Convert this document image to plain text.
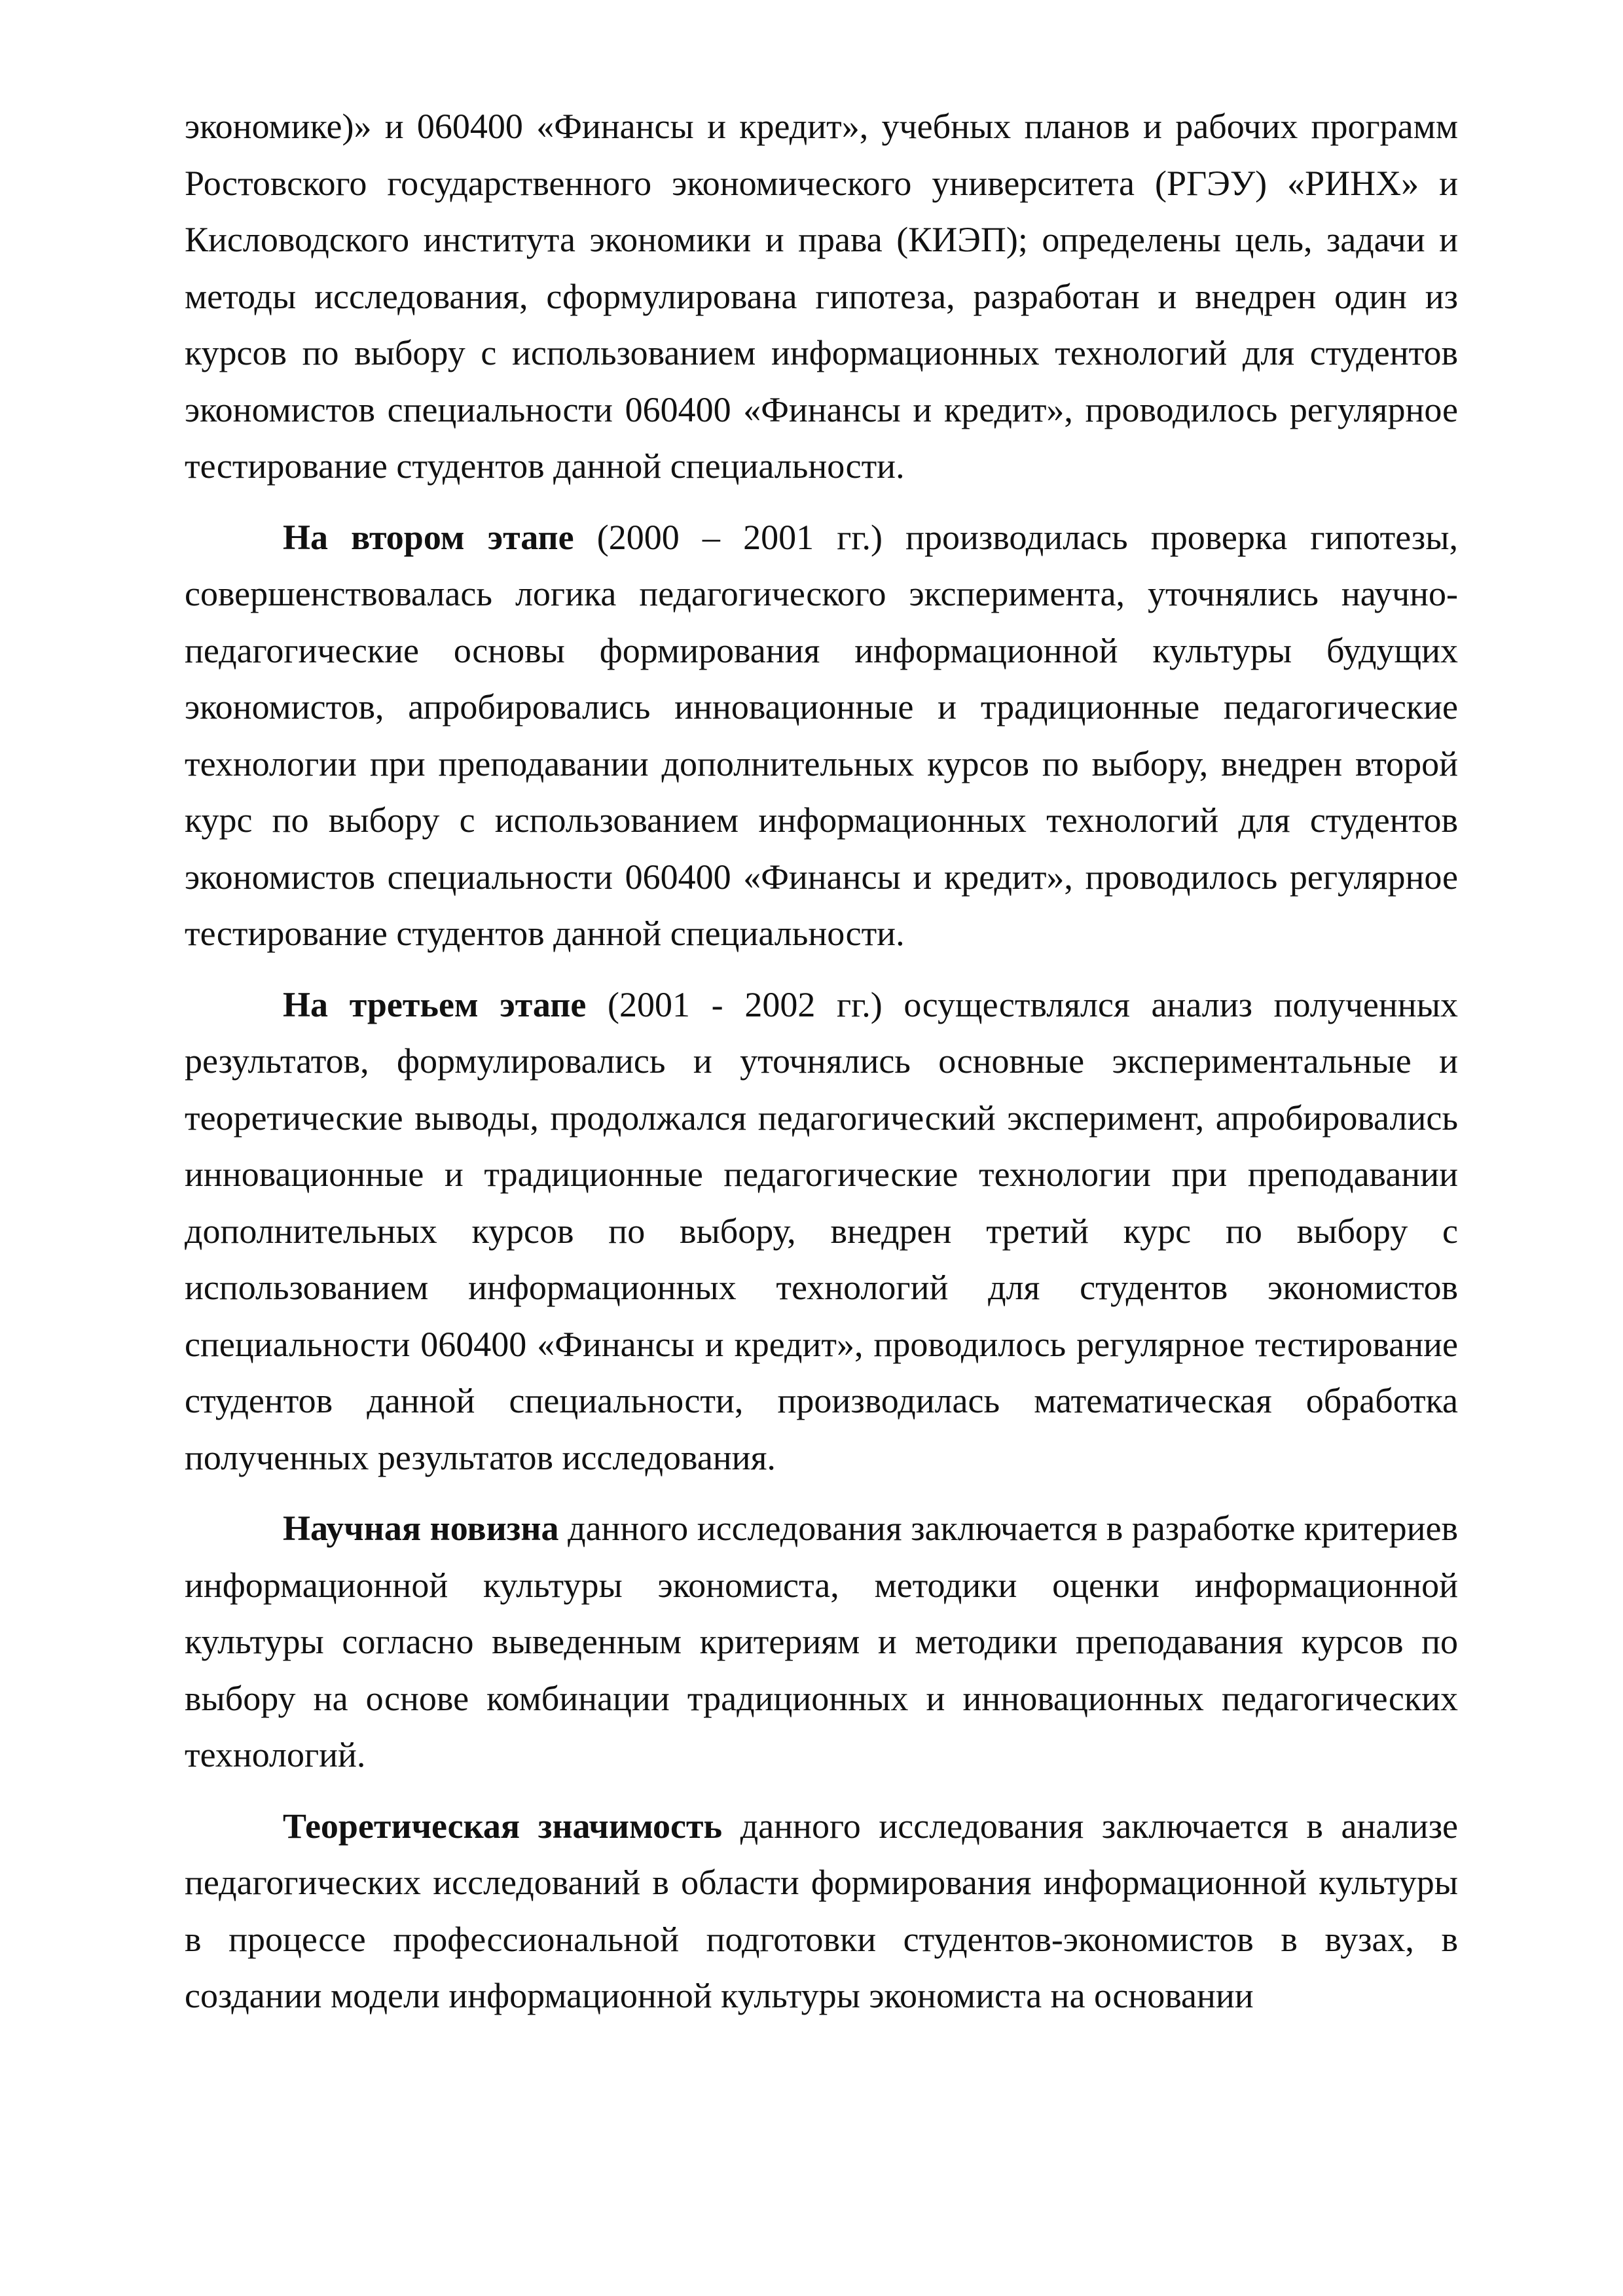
экономике)» и 060400 «Финансы и кредит», учебных планов и рабочих программ Ростовского государственного экономического университета (РГЭУ) «РИНХ» и Кисловодского института экономики и права (КИЭП); определены цель, задачи и методы исследования, сформулирована гипотеза, разработан и внедрен один из курсов по выбору с использованием информационных технологий для студентов экономистов специальности 060400 «Финансы и кредит», проводилось регулярное тестирование студентов данной специальности.

На втором этапе (2000 – 2001 гг.) производилась проверка гипотезы, совершенствовалась логика педагогического эксперимента, уточнялись научно-педагогические основы формирования информационной культуры будущих экономистов, апробировались инновационные и традиционные педагогические технологии при преподавании дополнительных курсов по выбору, внедрен второй курс по выбору с использованием информационных технологий для студентов экономистов специальности 060400 «Финансы и кредит», проводилось регулярное тестирование студентов данной специальности.

На третьем этапе (2001 - 2002 гг.) осуществлялся анализ полученных результатов, формулировались и уточнялись основные экспериментальные и теоретические выводы, продолжался педагогический эксперимент, апробировались инновационные и традиционные педагогические технологии при преподавании дополнительных курсов по выбору, внедрен третий курс по выбору с использованием информационных технологий для студентов экономистов специальности 060400 «Финансы и кредит», проводилось регулярное тестирование студентов данной специальности, производилась математическая обработка полученных результатов исследования.

Научная новизна данного исследования заключается в разработке критериев информационной культуры экономиста, методики оценки информационной культуры согласно выведенным критериям и методики преподавания курсов по выбору на основе комбинации традиционных и инновационных педагогических технологий.

Теоретическая значимость данного исследования заключается в анализе педагогических исследований в области формирования информационной культуры в процессе профессиональной подготовки студентов-экономистов в вузах, в создании модели информационной культуры экономиста на основании
